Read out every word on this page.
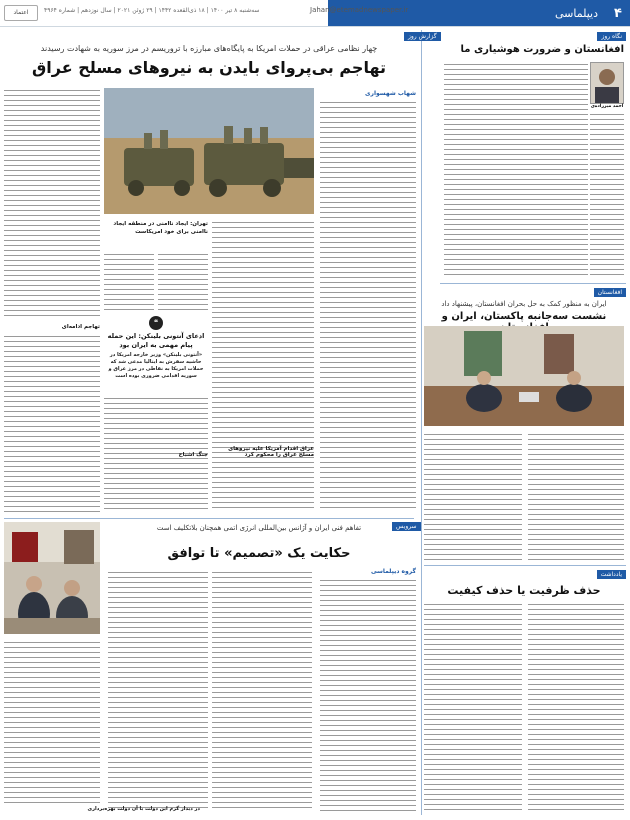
۴
دیپلماسی
Jahan@etemadnewspaper.ir
سه‌شنبه ۸ تیر ۱۴۰۰ | ۱۸ ذی‌القعده ۱۴۴۲ | ۲۹ ژوئن ۲۰۲۱ | سال نوزدهم | شماره ۴۹۶۴
اعتماد
نگاه روز
افغانستان و ضرورت هوشیاری ما
احمد میرزاده‌ی
افغانستان
ایران به منظور کمک به حل بحران افغانستان، پیشنهاد داد
نشست سه‌جانبه پاکستان، ایران و
یادداشت
حذف ظرفیت یا حذف کیفیت
گزارش روز
چهار نظامی عراقی در حملات امریکا به پایگاه‌های مبارزه با تروریسم در مرز سوریه به شهادت رسیدند
تهاجم بی‌پروای بایدن به نیروهای مسلح عراق
شهاب شهسواری
تهران: ایجاد ناامنی در منطقه ایجاد ناامنی برای خود امریکاست
❝
ادعای آنتونی بلینکن: این حمله پیام مهمی به ایران بود
«آنتونی بلینکن» وزیر خارجه امریکا در حاشیه سفرش به ایتالیا مدعی شد که حملات امریکا به نقاطی در مرز عراق و سوریه اقدامی ضروری بوده است
عراق اقدام آمریکا علیه نیروهای مسلح عراق را محکوم کرد
جنگ اشباح
تهاجم ادامه‌ای
سرویس
تفاهم فنی ایران و آژانس بین‌المللی انرژی اتمی همچنان بلاتکلیف است
حکایت یک «تصمیم» تا توافق
گروه دیپلماسی
در دیدار گرم این دولت با آن دولت بهره‌برداری
